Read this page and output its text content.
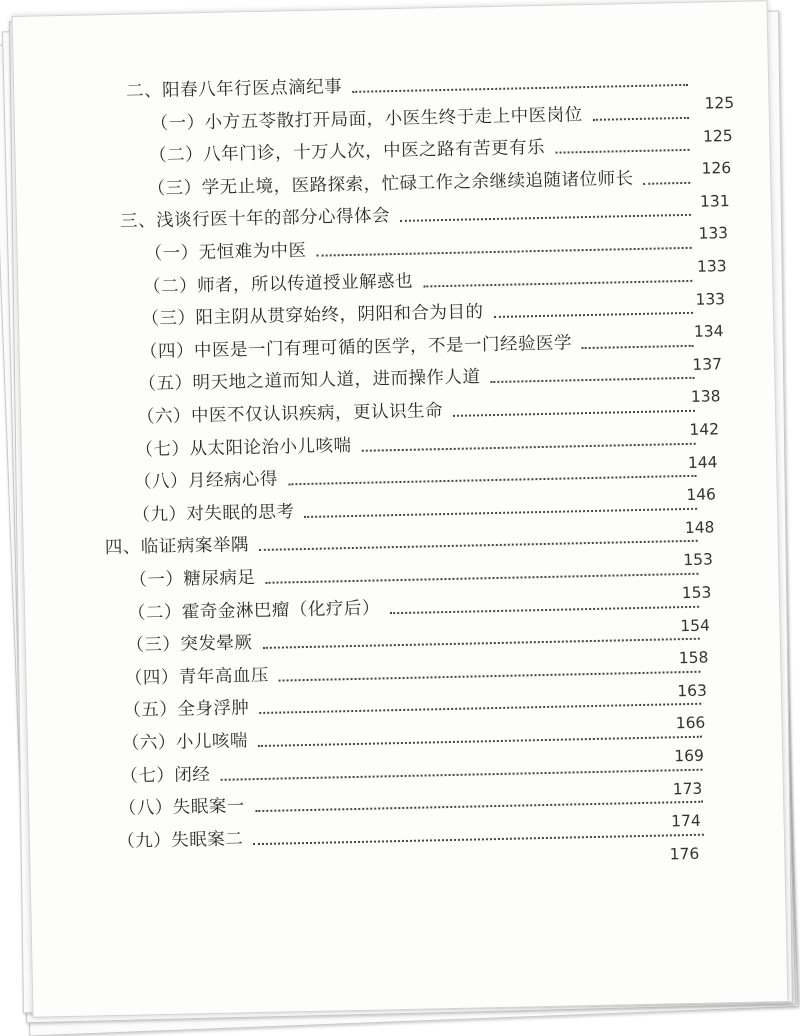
二、阳春八年行医点滴纪事
（一）小方五苓散打开局面，小医生终于走上中医岗位
（二）八年门诊，十万人次，中医之路有苦更有乐
（三）学无止境，医路探索，忙碌工作之余继续追随诸位师长
三、浅谈行医十年的部分心得体会
（一）无恒难为中医
（二）师者，所以传道授业解惑也
（三）阳主阴从贯穿始终，阴阳和合为目的
（四）中医是一门有理可循的医学，不是一门经验医学
（五）明天地之道而知人道，进而操作人道
（六）中医不仅认识疾病，更认识生命
（七）从太阳论治小儿咳喘
（八）月经病心得
（九）对失眠的思考
四、临证病案举隅
（一）糖尿病足
（二）霍奇金淋巴瘤（化疗后）
（三）突发晕厥
（四）青年高血压
（五）全身浮肿
（六）小儿咳喘
（七）闭经
（八）失眠案一
（九）失眠案二
125
125
126
131
133
133
133
134
137
138
142
144
146
148
153
153
154
158
163
166
169
173
174
176
